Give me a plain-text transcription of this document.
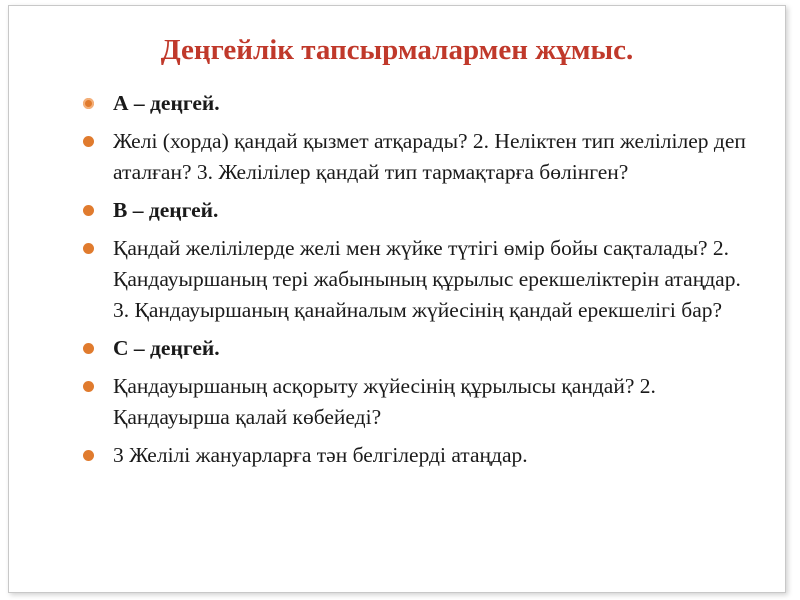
Деңгейлік тапсырмалармен жұмыс.
А – деңгей.
Желі (хорда) қандай қызмет атқарады? 2. Неліктен тип желілілер деп аталған? 3. Желілілер қандай тип тармақтарға бөлінген?
В – деңгей.
Қандай желілілерде желі мен жүйке түтігі өмір бойы сақталады? 2. Қандауыршаның тері жабынының құрылыс ерекшеліктерін атаңдар. 3. Қандауыршаның қанайналым жүйесінің қандай ерекшелігі бар?
С – деңгей.
Қандауыршаның асқорыту жүйесінің құрылысы қандай? 2. Қандауырша қалай көбейеді?
3 Желілі жануарларға тән белгілерді атаңдар.
